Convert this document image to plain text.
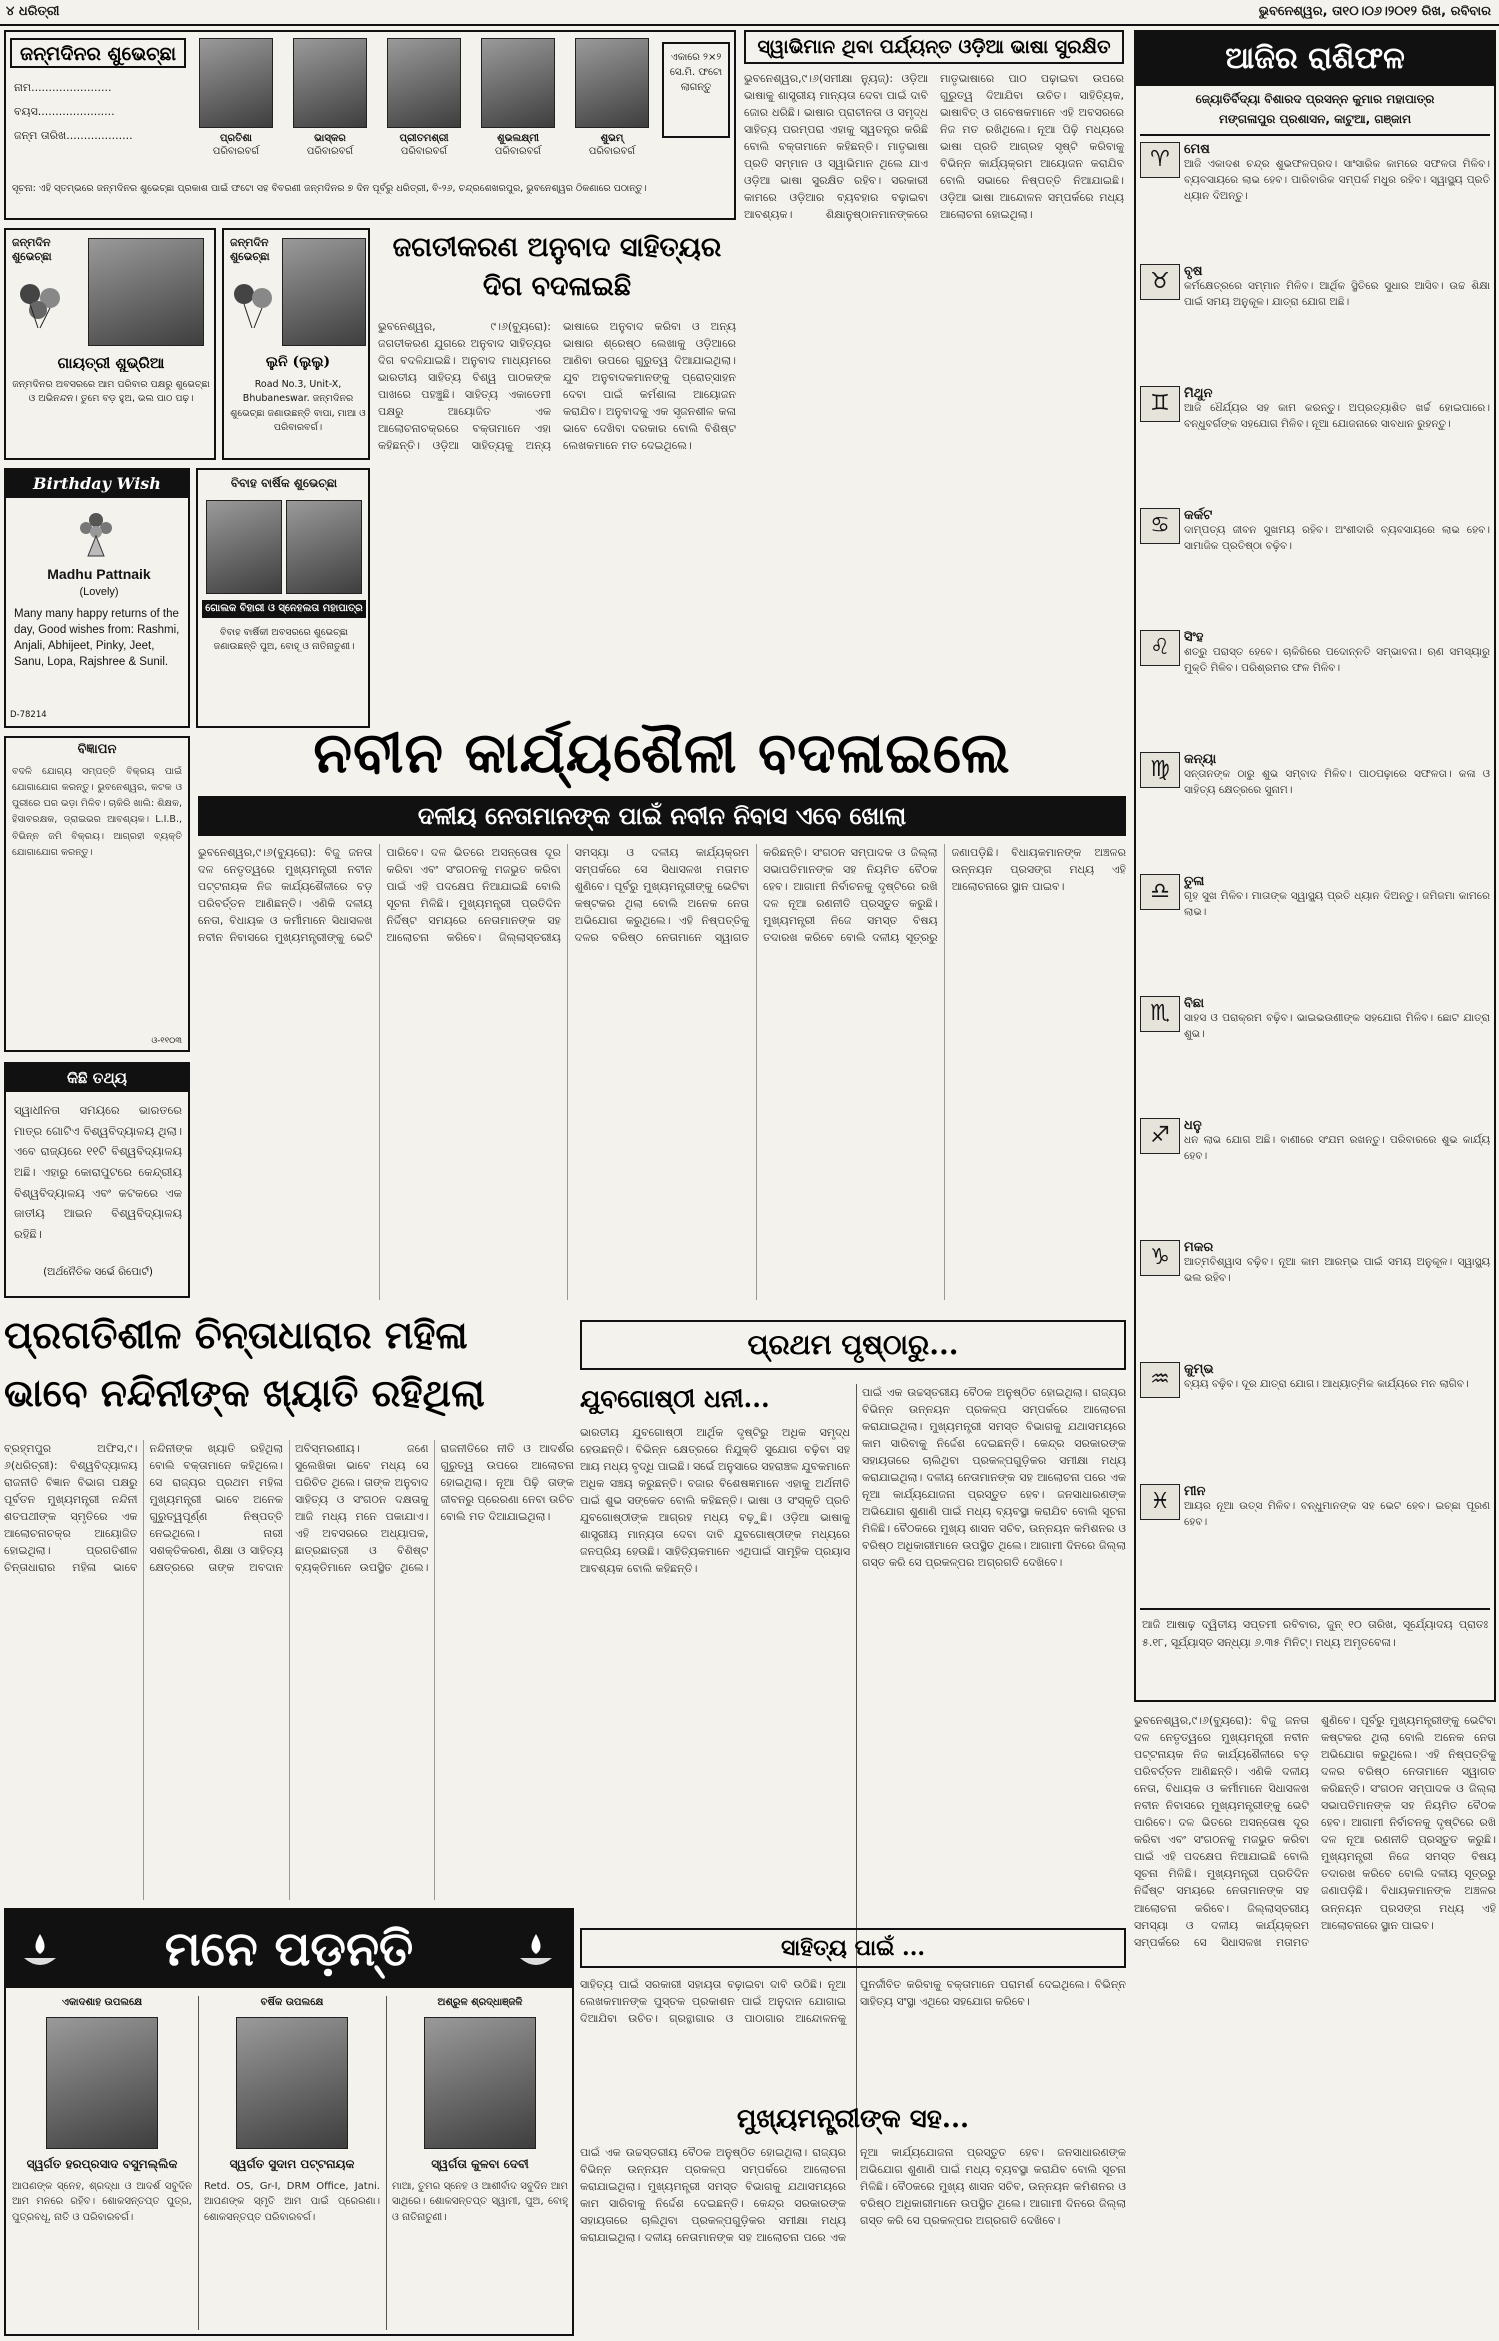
୪ ଧରିତ୍ରୀ	ଭୁବନେଶ୍ୱର, ତା୧୦।୦୬।୨୦୧୨ ରିଖ, ରବିବାର
ଜନ୍ମଦିନର ଶୁଭେଚ୍ଛା
ନାମ.......................
ବୟସ......................
ଜନ୍ମ ତାରିଖ...................	ପ୍ରତିଶା
ପରିବାରବର୍ଗ
ଭାସ୍କର
ପରିବାରବର୍ଗ
ପ୍ରୀତମଶ୍ରୀ
ପରିବାରବର୍ଗ
ଶୁଭଲକ୍ଷ୍ମୀ
ପରିବାରବର୍ଗ
ଶୁଭମ୍
ପରିବାରବର୍ଗ
ଏକାରେ ୨×୨ ସେ.ମି. ଫଟୋ ଲାଗନ୍ତୁ
ସୂଚନା: ଏହି ସ୍ତମ୍ଭରେ ଜନ୍ମଦିନର ଶୁଭେଚ୍ଛା ପ୍ରକାଶ ପାଇଁ ଫଟୋ ସହ ବିବରଣୀ ଜନ୍ମଦିନର ୭ ଦିନ ପୂର୍ବରୁ ଧରିତ୍ରୀ, ବି-୨୬, ଚନ୍ଦ୍ରଶେଖରପୁର, ଭୁବନେଶ୍ୱର ଠିକଣାରେ ପଠାନ୍ତୁ।
ଜନ୍ମଦିନ ଶୁଭେଚ୍ଛା
ଗାୟତ୍ରୀ ଶୁଭ୍ରିଆ
ଜନ୍ମଦିନର ଅବସରରେ ଆମ ପରିବାର ପକ୍ଷରୁ ଶୁଭେଚ୍ଛା ଓ ଅଭିନନ୍ଦନ। ତୁମେ ବଡ଼ ହୁଅ, ଭଲ ପାଠ ପଢ଼।
ଜନ୍ମଦିନ ଶୁଭେଚ୍ଛା
ଲୁନି (ଲୁଲୁ)
Road No.3, Unit-X, Bhubaneswar. ଜନ୍ମଦିନର ଶୁଭେଚ୍ଛା ଜଣାଉଛନ୍ତି ବାପା, ମାଆ ଓ ପରିବାରବର୍ଗ।
Birthday Wish
Madhu Pattnaik
(Lovely)
Many many happy returns of the day, Good wishes from: Rashmi, Anjali, Abhijeet, Pinky, Jeet, Sanu, Lopa, Rajshree & Sunil.
D-78214
ବିବାହ ବାର୍ଷିକ ଶୁଭେଚ୍ଛା
ଗୋଲକ ବିହାରୀ ଓ ସ୍ନେହଲତା ମହାପାତ୍ର
ବିବାହ ବାର୍ଷିକୀ ଅବସରରେ ଶୁଭେଚ୍ଛା ଜଣାଉଛନ୍ତି ପୁଅ, ବୋହୂ ଓ ନାତିନାତୁଣୀ।
ବିଜ୍ଞାପନ
ବଦଳି ଯୋଗ୍ୟ ସମ୍ପତ୍ତି ବିକ୍ରୟ ପାଇଁ ଯୋଗାଯୋଗ କରନ୍ତୁ। ଭୁବନେଶ୍ୱର, କଟକ ଓ ପୁରୀରେ ଘର ଭଡ଼ା ମିଳିବ। ଚାକିରି ଖାଲି: ଶିକ୍ଷକ, ହିସାବରକ୍ଷକ, ଡ୍ରାଇଭର ଆବଶ୍ୟକ। L.I.B., ବିଭିନ୍ନ ଜମି ବିକ୍ରୟ। ଆଗ୍ରହୀ ବ୍ୟକ୍ତି ଯୋଗାଯୋଗ କରନ୍ତୁ।
ଓ-୧୧୦୩
କିଛି ତଥ୍ୟ
ସ୍ୱାଧୀନତା ସମୟରେ ଭାରତରେ ମାତ୍ର ଗୋଟିଏ ବିଶ୍ୱବିଦ୍ୟାଳୟ ଥିଲା। ଏବେ ରାଜ୍ୟରେ ୧୧ଟି ବିଶ୍ୱବିଦ୍ୟାଳୟ ଅଛି। ଏହାରୁ କୋରାପୁଟରେ କେନ୍ଦ୍ରୀୟ ବିଶ୍ୱବିଦ୍ୟାଳୟ ଏବଂ କଟକରେ ଏକ ଜାତୀୟ ଆଇନ ବିଶ୍ୱବିଦ୍ୟାଳୟ ରହିଛି।
(ଅର୍ଥନୈତିକ ସର୍ଭେ ରିପୋର୍ଟ)
ସ୍ୱାଭିମାନ ଥିବା ପର୍ଯ୍ୟନ୍ତ ଓଡ଼ିଆ ଭାଷା ସୁରକ୍ଷିତ
ଭୁବନେଶ୍ୱର,୯।୬(ସମୀକ୍ଷା ନ୍ୟୁଜ୍): ଓଡ଼ିଆ ଭାଷାକୁ ଶାସ୍ତ୍ରୀୟ ମାନ୍ୟତା ଦେବା ପାଇଁ ଦାବି ଜୋର ଧରିଛି। ଭାଷାର ପ୍ରାଚୀନତା ଓ ସମୃଦ୍ଧ ସାହିତ୍ୟ ପରମ୍ପରା ଏହାକୁ ସ୍ୱତନ୍ତ୍ର କରିଛି ବୋଲି ବକ୍ତାମାନେ କହିଛନ୍ତି। ମାତୃଭାଷା ପ୍ରତି ସମ୍ମାନ ଓ ସ୍ୱାଭିମାନ ଥିଲେ ଯାଏ ଓଡ଼ିଆ ଭାଷା ସୁରକ୍ଷିତ ରହିବ। ସରକାରୀ କାମରେ ଓଡ଼ିଆର ବ୍ୟବହାର ବଢ଼ାଇବା ଆବଶ୍ୟକ। ଶିକ୍ଷାନୁଷ୍ଠାନମାନଙ୍କରେ ମାତୃଭାଷାରେ ପାଠ ପଢ଼ାଇବା ଉପରେ ଗୁରୁତ୍ୱ ଦିଆଯିବା ଉଚିତ। ସାହିତ୍ୟିକ, ଭାଷାବିତ୍ ଓ ଗବେଷକମାନେ ଏହି ଅବସରରେ ନିଜ ମତ ରଖିଥିଲେ। ନୂଆ ପିଢ଼ି ମଧ୍ୟରେ ଭାଷା ପ୍ରତି ଆଗ୍ରହ ସୃଷ୍ଟି କରିବାକୁ ବିଭିନ୍ନ କାର୍ଯ୍ୟକ୍ରମ ଆୟୋଜନ କରାଯିବ ବୋଲି ସଭାରେ ନିଷ୍ପତ୍ତି ନିଆଯାଇଛି। ଓଡ଼ିଆ ଭାଷା ଆନ୍ଦୋଳନ ସମ୍ପର୍କରେ ମଧ୍ୟ ଆଲୋଚନା ହୋଇଥିଲା।
ଜଗତୀକରଣ ଅନୁବାଦ ସାହିତ୍ୟର ଦିଗ ବଦଳାଇଛି
ଭୁବନେଶ୍ୱର, ୯।୬(ବ୍ୟୁରୋ): ଜଗତୀକରଣ ଯୁଗରେ ଅନୁବାଦ ସାହିତ୍ୟର ଦିଗ ବଦଳିଯାଇଛି। ଅନୁବାଦ ମାଧ୍ୟମରେ ଭାରତୀୟ ସାହିତ୍ୟ ବିଶ୍ୱ ପାଠକଙ୍କ ପାଖରେ ପହଞ୍ଚୁଛି। ସାହିତ୍ୟ ଏକାଡେମୀ ପକ୍ଷରୁ ଆୟୋଜିତ ଏକ ଆଲୋଚନାଚକ୍ରରେ ବକ୍ତାମାନେ ଏହା କହିଛନ୍ତି। ଓଡ଼ିଆ ସାହିତ୍ୟକୁ ଅନ୍ୟ ଭାଷାରେ ଅନୁବାଦ କରିବା ଓ ଅନ୍ୟ ଭାଷାର ଶ୍ରେଷ୍ଠ ଲେଖାକୁ ଓଡ଼ିଆରେ ଆଣିବା ଉପରେ ଗୁରୁତ୍ୱ ଦିଆଯାଇଥିଲା। ଯୁବ ଅନୁବାଦକମାନଙ୍କୁ ପ୍ରୋତ୍ସାହନ ଦେବା ପାଇଁ କର୍ମଶାଳା ଆୟୋଜନ କରାଯିବ। ଅନୁବାଦକୁ ଏକ ସୃଜନଶୀଳ କଳା ଭାବେ ଦେଖିବା ଦରକାର ବୋଲି ବିଶିଷ୍ଟ ଲେଖକମାନେ ମତ ଦେଇଥିଲେ।
ନବୀନ କାର୍ଯ୍ୟଶୈଳୀ ବଦଳାଇଲେ
ଦଳୀୟ ନେତାମାନଙ୍କ ପାଇଁ ନବୀନ ନିବାସ ଏବେ ଖୋଲା
ଭୁବନେଶ୍ୱର,୯।୬(ବ୍ୟୁରୋ): ବିଜୁ ଜନତା ଦଳ ନେତୃତ୍ୱରେ ମୁଖ୍ୟମନ୍ତ୍ରୀ ନବୀନ ପଟ୍ଟନାୟକ ନିଜ କାର୍ଯ୍ୟଶୈଳୀରେ ବଡ଼ ପରିବର୍ତ୍ତନ ଆଣିଛନ୍ତି। ଏଣିକି ଦଳୀୟ ନେତା, ବିଧାୟକ ଓ କର୍ମୀମାନେ ସିଧାସଳଖ ନବୀନ ନିବାସରେ ମୁଖ୍ୟମନ୍ତ୍ରୀଙ୍କୁ ଭେଟି ପାରିବେ। ଦଳ ଭିତରେ ଅସନ୍ତୋଷ ଦୂର କରିବା ଏବଂ ସଂଗଠନକୁ ମଜଭୁତ କରିବା ପାଇଁ ଏହି ପଦକ୍ଷେପ ନିଆଯାଇଛି ବୋଲି ସୂଚନା ମିଳିଛି। ମୁଖ୍ୟମନ୍ତ୍ରୀ ପ୍ରତିଦିନ ନିର୍ଦ୍ଦିଷ୍ଟ ସମୟରେ ନେତାମାନଙ୍କ ସହ ଆଲୋଚନା କରିବେ। ଜିଲ୍ଲାସ୍ତରୀୟ ସମସ୍ୟା ଓ ଦଳୀୟ କାର୍ଯ୍ୟକ୍ରମ ସମ୍ପର୍କରେ ସେ ସିଧାସଳଖ ମତାମତ ଶୁଣିବେ। ପୂର୍ବରୁ ମୁଖ୍ୟମନ୍ତ୍ରୀଙ୍କୁ ଭେଟିବା କଷ୍ଟକର ଥିଲା ବୋଲି ଅନେକ ନେତା ଅଭିଯୋଗ କରୁଥିଲେ। ଏହି ନିଷ୍ପତ୍ତିକୁ ଦଳର ବରିଷ୍ଠ ନେତାମାନେ ସ୍ୱାଗତ କରିଛନ୍ତି। ସଂଗଠନ ସମ୍ପାଦକ ଓ ଜିଲ୍ଲା ସଭାପତିମାନଙ୍କ ସହ ନିୟମିତ ବୈଠକ ହେବ। ଆଗାମୀ ନିର୍ବାଚନକୁ ଦୃଷ୍ଟିରେ ରଖି ଦଳ ନୂଆ ରଣନୀତି ପ୍ରସ୍ତୁତ କରୁଛି। ମୁଖ୍ୟମନ୍ତ୍ରୀ ନିଜେ ସମସ୍ତ ବିଷୟ ତଦାରଖ କରିବେ ବୋଲି ଦଳୀୟ ସୂତ୍ରରୁ ଜଣାପଡ଼ିଛି। ବିଧାୟକମାନଙ୍କ ଅଞ୍ଚଳର ଉନ୍ନୟନ ପ୍ରସଙ୍ଗ ମଧ୍ୟ ଏହି ଆଲୋଚନାରେ ସ୍ଥାନ ପାଇବ।
ଆଜିର ରାଶିଫଳ
ଜ୍ୟୋତିର୍ବିଦ୍ୟା ବିଶାରଦ ପ୍ରସନ୍ନ କୁମାର ମହାପାତ୍ର
ମଙ୍ଗଳାପୁର ପ୍ରଶାସନ, କାଟୁଆ, ଗଞ୍ଜାମ
♈	ମେଷ
ଆଜି ଏକାଦଶ ଚନ୍ଦ୍ର ଶୁଭଫଳପ୍ରଦ। ସାଂସାରିକ କାମରେ ସଫଳତା ମିଳିବ। ବ୍ୟବସାୟରେ ଲାଭ ହେବ। ପାରିବାରିକ ସମ୍ପର୍କ ମଧୁର ରହିବ। ସ୍ୱାସ୍ଥ୍ୟ ପ୍ରତି ଧ୍ୟାନ ଦିଅନ୍ତୁ।
♉	ବୃଷ
କର୍ମକ୍ଷେତ୍ରରେ ସମ୍ମାନ ମିଳିବ। ଆର୍ଥିକ ସ୍ଥିତିରେ ସୁଧାର ଆସିବ। ଉଚ୍ଚ ଶିକ୍ଷା ପାଇଁ ସମୟ ଅନୁକୂଳ। ଯାତ୍ରା ଯୋଗ ଅଛି।
♊	ମିଥୁନ
ଆଜି ଧୈର୍ଯ୍ୟର ସହ କାମ କରନ୍ତୁ। ଅପ୍ରତ୍ୟାଶିତ ଖର୍ଚ୍ଚ ହୋଇପାରେ। ବନ୍ଧୁବର୍ଗଙ୍କ ସହଯୋଗ ମିଳିବ। ନୂଆ ଯୋଜନାରେ ସାବଧାନ ରୁହନ୍ତୁ।
♋	କର୍କଟ
ଦାମ୍ପତ୍ୟ ଜୀବନ ସୁଖମୟ ରହିବ। ଅଂଶୀଦାରି ବ୍ୟବସାୟରେ ଲାଭ ହେବ। ସାମାଜିକ ପ୍ରତିଷ୍ଠା ବଢ଼ିବ।
♌	ସିଂହ
ଶତ୍ରୁ ପରାସ୍ତ ହେବେ। ଚାକିରିରେ ପଦୋନ୍ନତି ସମ୍ଭାବନା। ଋଣ ସମସ୍ୟାରୁ ମୁକ୍ତି ମିଳିବ। ପରିଶ୍ରମର ଫଳ ମିଳିବ।
♍	କନ୍ୟା
ସନ୍ତାନଙ୍କ ଠାରୁ ଶୁଭ ସମ୍ବାଦ ମିଳିବ। ପାଠପଢ଼ାରେ ସଫଳତା। କଳା ଓ ସାହିତ୍ୟ କ୍ଷେତ୍ରରେ ସୁନାମ।
♎	ତୁଳା
ଗୃହ ସୁଖ ମିଳିବ। ମାତାଙ୍କ ସ୍ୱାସ୍ଥ୍ୟ ପ୍ରତି ଧ୍ୟାନ ଦିଅନ୍ତୁ। ଜମିଜମା କାମରେ ଲାଭ।
♏	ବିଛା
ସାହସ ଓ ପରାକ୍ରମ ବଢ଼ିବ। ଭାଇଭଉଣୀଙ୍କ ସହଯୋଗ ମିଳିବ। ଛୋଟ ଯାତ୍ରା ଶୁଭ।
♐	ଧନୁ
ଧନ ଲାଭ ଯୋଗ ଅଛି। ବାଣୀରେ ସଂଯମ ରଖନ୍ତୁ। ପରିବାରରେ ଶୁଭ କାର୍ଯ୍ୟ ହେବ।
♑	ମକର
ଆତ୍ମବିଶ୍ୱାସ ବଢ଼ିବ। ନୂଆ କାମ ଆରମ୍ଭ ପାଇଁ ସମୟ ଅନୁକୂଳ। ସ୍ୱାସ୍ଥ୍ୟ ଭଲ ରହିବ।
♒	କୁମ୍ଭ
ବ୍ୟୟ ବଢ଼ିବ। ଦୂର ଯାତ୍ରା ଯୋଗ। ଆଧ୍ୟାତ୍ମିକ କାର୍ଯ୍ୟରେ ମନ ଲାଗିବ।
♓	ମୀନ
ଆୟର ନୂଆ ଉତ୍ସ ମିଳିବ। ବନ୍ଧୁମାନଙ୍କ ସହ ଭେଟ ହେବ। ଇଚ୍ଛା ପୂରଣ ହେବ।
ଆଜି ଆଷାଢ଼ ଦ୍ୱିତୀୟ ସପ୍ତମୀ ରବିବାର, ଜୁନ୍ ୧୦ ତାରିଖ, ସୂର୍ଯ୍ୟୋଦୟ ପ୍ରାତଃ ୫.୧୮, ସୂର୍ଯ୍ୟାସ୍ତ ସନ୍ଧ୍ୟା ୬.୩୫ ମିନିଟ୍। ମଧ୍ୟ ଅମୃତବେଳା।
ପ୍ରଗତିଶୀଳ ଚିନ୍ତାଧାରାର ମହିଳା
ଭାବେ ନନ୍ଦିନୀଙ୍କ ଖ୍ୟାତି ରହିଥିଲା
ବ୍ରହ୍ମପୁର ଅଫିସ,୯।୬(ଧରିତ୍ରୀ): ବିଶ୍ୱବିଦ୍ୟାଳୟ ରାଜନୀତି ବିଜ୍ଞାନ ବିଭାଗ ପକ୍ଷରୁ ପୂର୍ବତନ ମୁଖ୍ୟମନ୍ତ୍ରୀ ନନ୍ଦିନୀ ଶତପଥୀଙ୍କ ସ୍ମୃତିରେ ଏକ ଆଲୋଚନାଚକ୍ର ଆୟୋଜିତ ହୋଇଥିଲା। ପ୍ରଗତିଶୀଳ ଚିନ୍ତାଧାରାର ମହିଳା ଭାବେ ନନ୍ଦିନୀଙ୍କ ଖ୍ୟାତି ରହିଥିଲା ବୋଲି ବକ୍ତାମାନେ କହିଥିଲେ। ସେ ରାଜ୍ୟର ପ୍ରଥମ ମହିଳା ମୁଖ୍ୟମନ୍ତ୍ରୀ ଭାବେ ଅନେକ ଗୁରୁତ୍ୱପୂର୍ଣ୍ଣ ନିଷ୍ପତ୍ତି ନେଇଥିଲେ। ନାରୀ ସଶକ୍ତିକରଣ, ଶିକ୍ଷା ଓ ସାହିତ୍ୟ କ୍ଷେତ୍ରରେ ତାଙ୍କ ଅବଦାନ ଅବିସ୍ମରଣୀୟ। ଜଣେ ସୁଲେଖିକା ଭାବେ ମଧ୍ୟ ସେ ପରିଚିତ ଥିଲେ। ତାଙ୍କ ଅନୁବାଦ ସାହିତ୍ୟ ଓ ସଂଗଠନ ଦକ୍ଷତାକୁ ଆଜି ମଧ୍ୟ ମନେ ପକାଯାଏ। ଏହି ଅବସରରେ ଅଧ୍ୟାପକ, ଛାତ୍ରଛାତ୍ରୀ ଓ ବିଶିଷ୍ଟ ବ୍ୟକ୍ତିମାନେ ଉପସ୍ଥିତ ଥିଲେ। ରାଜନୀତିରେ ନୀତି ଓ ଆଦର୍ଶର ଗୁରୁତ୍ୱ ଉପରେ ଆଲୋଚନା ହୋଇଥିଲା। ନୂଆ ପିଢ଼ି ତାଙ୍କ ଜୀବନରୁ ପ୍ରେରଣା ନେବା ଉଚିତ ବୋଲି ମତ ଦିଆଯାଇଥିଲା।
ପ୍ରଥମ ପୃଷ୍ଠାରୁ...
ଯୁବଗୋଷ୍ଠୀ ଧନୀ...
ଭାରତୀୟ ଯୁବଗୋଷ୍ଠୀ ଆର୍ଥିକ ଦୃଷ୍ଟିରୁ ଅଧିକ ସମୃଦ୍ଧ ହେଉଛନ୍ତି। ବିଭିନ୍ନ କ୍ଷେତ୍ରରେ ନିଯୁକ୍ତି ସୁଯୋଗ ବଢ଼ିବା ସହ ଆୟ ମଧ୍ୟ ବୃଦ୍ଧି ପାଇଛି। ସର୍ଭେ ଅନୁସାରେ ସହରାଞ୍ଚଳ ଯୁବକମାନେ ଅଧିକ ସଞ୍ଚୟ କରୁଛନ୍ତି। ବଜାର ବିଶେଷଜ୍ଞମାନେ ଏହାକୁ ଅର୍ଥନୀତି ପାଇଁ ଶୁଭ ସଙ୍କେତ ବୋଲି କହିଛନ୍ତି। ଭାଷା ଓ ସଂସ୍କୃତି ପ୍ରତି ଯୁବଗୋଷ୍ଠୀଙ୍କ ଆଗ୍ରହ ମଧ୍ୟ ବଢ଼ୁଛି। ଓଡ଼ିଆ ଭାଷାକୁ ଶାସ୍ତ୍ରୀୟ ମାନ୍ୟତା ଦେବା ଦାବି ଯୁବଗୋଷ୍ଠୀଙ୍କ ମଧ୍ୟରେ ଜନପ୍ରିୟ ହେଉଛି। ସାହିତ୍ୟିକମାନେ ଏଥିପାଇଁ ସାମୂହିକ ପ୍ରୟାସ ଆବଶ୍ୟକ ବୋଲି କହିଛନ୍ତି।
ପାଇଁ ଏକ ଉଚ୍ଚସ୍ତରୀୟ ବୈଠକ ଅନୁଷ୍ଠିତ ହୋଇଥିଲା। ରାଜ୍ୟର ବିଭିନ୍ନ ଉନ୍ନୟନ ପ୍ରକଳ୍ପ ସମ୍ପର୍କରେ ଆଲୋଚନା କରାଯାଇଥିଲା। ମୁଖ୍ୟମନ୍ତ୍ରୀ ସମସ୍ତ ବିଭାଗକୁ ଯଥାସମୟରେ କାମ ସାରିବାକୁ ନିର୍ଦ୍ଦେଶ ଦେଇଛନ୍ତି। କେନ୍ଦ୍ର ସରକାରଙ୍କ ସହାୟତାରେ ଚାଲିଥିବା ପ୍ରକଳ୍ପଗୁଡ଼ିକର ସମୀକ୍ଷା ମଧ୍ୟ କରାଯାଇଥିଲା। ଦଳୀୟ ନେତାମାନଙ୍କ ସହ ଆଲୋଚନା ପରେ ଏକ ନୂଆ କାର୍ଯ୍ୟଯୋଜନା ପ୍ରସ୍ତୁତ ହେବ। ଜନସାଧାରଣଙ୍କ ଅଭିଯୋଗ ଶୁଣାଣି ପାଇଁ ମଧ୍ୟ ବ୍ୟବସ୍ଥା କରାଯିବ ବୋଲି ସୂଚନା ମିଳିଛି। ବୈଠକରେ ମୁଖ୍ୟ ଶାସନ ସଚିବ, ଉନ୍ନୟନ କମିଶନର ଓ ବରିଷ୍ଠ ଅଧିକାରୀମାନେ ଉପସ୍ଥିତ ଥିଲେ। ଆଗାମୀ ଦିନରେ ଜିଲ୍ଲା ଗସ୍ତ କରି ସେ ପ୍ରକଳ୍ପର ଅଗ୍ରଗତି ଦେଖିବେ।
ସାହିତ୍ୟ ପାଇଁ ...
ସାହିତ୍ୟ ପାଇଁ ସରକାରୀ ସହାୟତା ବଢ଼ାଇବା ଦାବି ଉଠିଛି। ନୂଆ ଲେଖକମାନଙ୍କ ପୁସ୍ତକ ପ୍ରକାଶନ ପାଇଁ ଅନୁଦାନ ଯୋଗାଇ ଦିଆଯିବା ଉଚିତ। ଗ୍ରନ୍ଥାଗାର ଓ ପାଠାଗାର ଆନ୍ଦୋଳନକୁ ପୁନର୍ଜୀବିତ କରିବାକୁ ବକ୍ତାମାନେ ପରାମର୍ଶ ଦେଇଥିଲେ। ବିଭିନ୍ନ ସାହିତ୍ୟ ସଂସ୍ଥା ଏଥିରେ ସହଯୋଗ କରିବେ।
ମୁଖ୍ୟମନ୍ତ୍ରୀଙ୍କ ସହ...
ପାଇଁ ଏକ ଉଚ୍ଚସ୍ତରୀୟ ବୈଠକ ଅନୁଷ୍ଠିତ ହୋଇଥିଲା। ରାଜ୍ୟର ବିଭିନ୍ନ ଉନ୍ନୟନ ପ୍ରକଳ୍ପ ସମ୍ପର୍କରେ ଆଲୋଚନା କରାଯାଇଥିଲା। ମୁଖ୍ୟମନ୍ତ୍ରୀ ସମସ୍ତ ବିଭାଗକୁ ଯଥାସମୟରେ କାମ ସାରିବାକୁ ନିର୍ଦ୍ଦେଶ ଦେଇଛନ୍ତି। କେନ୍ଦ୍ର ସରକାରଙ୍କ ସହାୟତାରେ ଚାଲିଥିବା ପ୍ରକଳ୍ପଗୁଡ଼ିକର ସମୀକ୍ଷା ମଧ୍ୟ କରାଯାଇଥିଲା। ଦଳୀୟ ନେତାମାନଙ୍କ ସହ ଆଲୋଚନା ପରେ ଏକ ନୂଆ କାର୍ଯ୍ୟଯୋଜନା ପ୍ରସ୍ତୁତ ହେବ। ଜନସାଧାରଣଙ୍କ ଅଭିଯୋଗ ଶୁଣାଣି ପାଇଁ ମଧ୍ୟ ବ୍ୟବସ୍ଥା କରାଯିବ ବୋଲି ସୂଚନା ମିଳିଛି। ବୈଠକରେ ମୁଖ୍ୟ ଶାସନ ସଚିବ, ଉନ୍ନୟନ କମିଶନର ଓ ବରିଷ୍ଠ ଅଧିକାରୀମାନେ ଉପସ୍ଥିତ ଥିଲେ। ଆଗାମୀ ଦିନରେ ଜିଲ୍ଲା ଗସ୍ତ କରି ସେ ପ୍ରକଳ୍ପର ଅଗ୍ରଗତି ଦେଖିବେ।
ଭୁବନେଶ୍ୱର,୯।୬(ବ୍ୟୁରୋ): ବିଜୁ ଜନତା ଦଳ ନେତୃତ୍ୱରେ ମୁଖ୍ୟମନ୍ତ୍ରୀ ନବୀନ ପଟ୍ଟନାୟକ ନିଜ କାର୍ଯ୍ୟଶୈଳୀରେ ବଡ଼ ପରିବର୍ତ୍ତନ ଆଣିଛନ୍ତି। ଏଣିକି ଦଳୀୟ ନେତା, ବିଧାୟକ ଓ କର୍ମୀମାନେ ସିଧାସଳଖ ନବୀନ ନିବାସରେ ମୁଖ୍ୟମନ୍ତ୍ରୀଙ୍କୁ ଭେଟି ପାରିବେ। ଦଳ ଭିତରେ ଅସନ୍ତୋଷ ଦୂର କରିବା ଏବଂ ସଂଗଠନକୁ ମଜଭୁତ କରିବା ପାଇଁ ଏହି ପଦକ୍ଷେପ ନିଆଯାଇଛି ବୋଲି ସୂଚନା ମିଳିଛି। ମୁଖ୍ୟମନ୍ତ୍ରୀ ପ୍ରତିଦିନ ନିର୍ଦ୍ଦିଷ୍ଟ ସମୟରେ ନେତାମାନଙ୍କ ସହ ଆଲୋଚନା କରିବେ। ଜିଲ୍ଲାସ୍ତରୀୟ ସମସ୍ୟା ଓ ଦଳୀୟ କାର୍ଯ୍ୟକ୍ରମ ସମ୍ପର୍କରେ ସେ ସିଧାସଳଖ ମତାମତ ଶୁଣିବେ। ପୂର୍ବରୁ ମୁଖ୍ୟମନ୍ତ୍ରୀଙ୍କୁ ଭେଟିବା କଷ୍ଟକର ଥିଲା ବୋଲି ଅନେକ ନେତା ଅଭିଯୋଗ କରୁଥିଲେ। ଏହି ନିଷ୍ପତ୍ତିକୁ ଦଳର ବରିଷ୍ଠ ନେତାମାନେ ସ୍ୱାଗତ କରିଛନ୍ତି। ସଂଗଠନ ସମ୍ପାଦକ ଓ ଜିଲ୍ଲା ସଭାପତିମାନଙ୍କ ସହ ନିୟମିତ ବୈଠକ ହେବ। ଆଗାମୀ ନିର୍ବାଚନକୁ ଦୃଷ୍ଟିରେ ରଖି ଦଳ ନୂଆ ରଣନୀତି ପ୍ରସ୍ତୁତ କରୁଛି। ମୁଖ୍ୟମନ୍ତ୍ରୀ ନିଜେ ସମସ୍ତ ବିଷୟ ତଦାରଖ କରିବେ ବୋଲି ଦଳୀୟ ସୂତ୍ରରୁ ଜଣାପଡ଼ିଛି। ବିଧାୟକମାନଙ୍କ ଅଞ୍ଚଳର ଉନ୍ନୟନ ପ୍ରସଙ୍ଗ ମଧ୍ୟ ଏହି ଆଲୋଚନାରେ ସ୍ଥାନ ପାଇବ।
ମନେ ପଡ଼ନ୍ତି
ଏକାଦଶାହ ଉପଲକ୍ଷେ
ସ୍ୱର୍ଗତ ହରପ୍ରସାଦ ବସୁମଲ୍ଲିକ
ଆପଣଙ୍କ ସ୍ନେହ, ଶ୍ରଦ୍ଧା ଓ ଆଦର୍ଶ ସବୁଦିନ ଆମ ମନରେ ରହିବ। ଶୋକସନ୍ତପ୍ତ ପୁତ୍ର, ପୁତ୍ରବଧୂ, ନାତି ଓ ପରିବାରବର୍ଗ।
ବର୍ଷିକ ଉପଲକ୍ଷେ
ସ୍ୱର୍ଗତ ସୁଦାମ ପଟ୍ଟନାୟକ
Retd. OS, Gr-I, DRM Office, Jatni. ଆପଣଙ୍କ ସ୍ମୃତି ଆମ ପାଇଁ ପ୍ରେରଣା। ଶୋକସନ୍ତପ୍ତ ପରିବାରବର୍ଗ।
ଅଶ୍ରୁଳ ଶ୍ରଦ୍ଧାଞ୍ଜଳି
ସ୍ୱର୍ଗତା କୁଳବା ଦେବୀ
ମାଆ, ତୁମର ସ୍ନେହ ଓ ଆଶୀର୍ବାଦ ସବୁଦିନ ଆମ ସାଥିରେ। ଶୋକସନ୍ତପ୍ତ ସ୍ୱାମୀ, ପୁଅ, ବୋହୂ ଓ ନାତିନାତୁଣୀ।
